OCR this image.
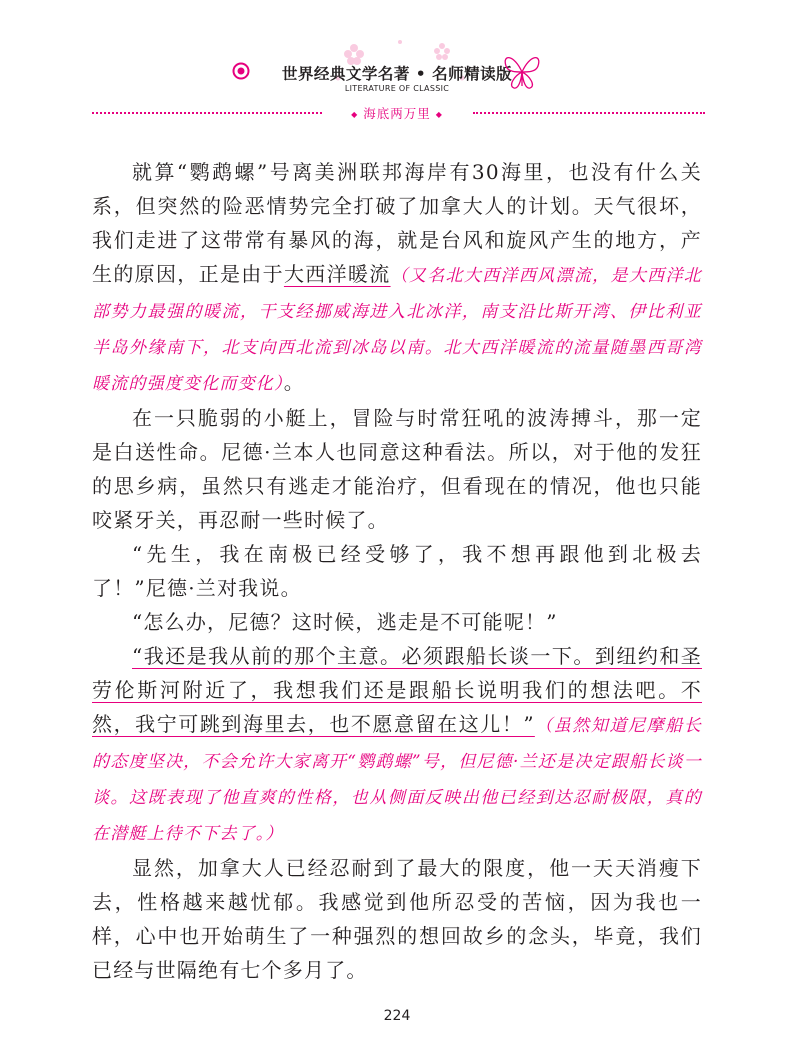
世界经典文学名著 • 名师精读版
LITERATURE OF CLASSIC
◆ 海底两万里 ◆

就算“鹦鹉螺”号离美洲联邦海岸有30海里，也没有什么关系，但突然的险恶情势完全打破了加拿大人的计划。天气很坏，我们走进了这带常有暴风的海，就是台风和旋风产生的地方，产生的原因，正是由于大西洋暖流（又名北大西洋西风漂流，是大西洋北部势力最强的暖流，干支经挪威海进入北冰洋，南支沿比斯开湾、伊比利亚半岛外缘南下，北支向西北流到冰岛以南。北大西洋暖流的流量随墨西哥湾暖流的强度变化而变化）。

在一只脆弱的小艇上，冒险与时常狂吼的波涛搏斗，那一定是白送性命。尼德·兰本人也同意这种看法。所以，对于他的发狂的思乡病，虽然只有逃走才能治疗，但看现在的情况，他也只能咬紧牙关，再忍耐一些时候了。

“先生，我在南极已经受够了，我不想再跟他到北极去了！”尼德·兰对我说。

“怎么办，尼德？这时候，逃走是不可能呢！”

“我还是我从前的那个主意。必须跟船长谈一下。到纽约和圣劳伦斯河附近了，我想我们还是跟船长说明我们的想法吧。不然，我宁可跳到海里去，也不愿意留在这儿！”（虽然知道尼摩船长的态度坚决，不会允许大家离开“鹦鹉螺”号，但尼德·兰还是决定跟船长谈一谈。这既表现了他直爽的性格，也从侧面反映出他已经到达忍耐极限，真的在潜艇上待不下去了。）

显然，加拿大人已经忍耐到了最大的限度，他一天天消瘦下去，性格越来越忧郁。我感觉到他所忍受的苦恼，因为我也一样，心中也开始萌生了一种强烈的想回故乡的念头，毕竟，我们已经与世隔绝有七个多月了。

224
